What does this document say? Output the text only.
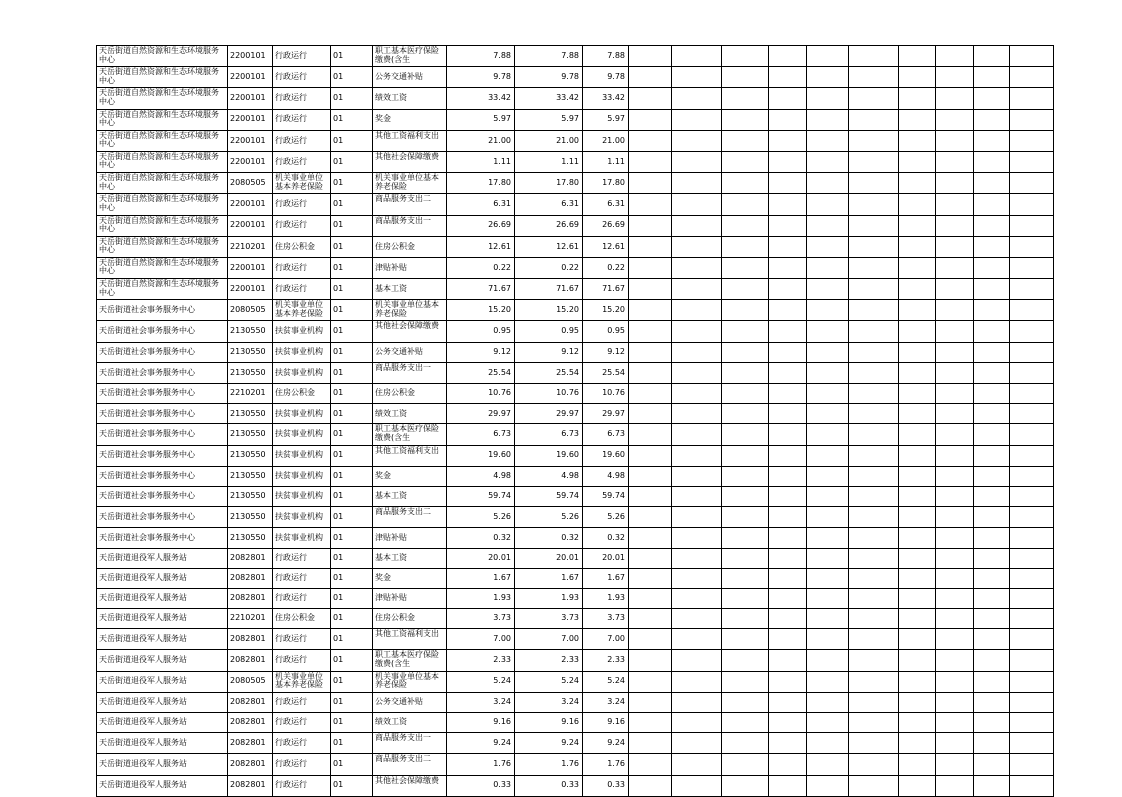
天岳街道自然资源和生态环境服务中心	2200101	行政运行	01	职工基本医疗保险缴费(含生	7.88	7.88	7.88										
天岳街道自然资源和生态环境服务中心	2200101	行政运行	01	公务交通补贴	9.78	9.78	9.78										
天岳街道自然资源和生态环境服务中心	2200101	行政运行	01	绩效工资	33.42	33.42	33.42										
天岳街道自然资源和生态环境服务中心	2200101	行政运行	01	奖金	5.97	5.97	5.97										
天岳街道自然资源和生态环境服务中心	2200101	行政运行	01	其他工资福利支出	21.00	21.00	21.00										
天岳街道自然资源和生态环境服务中心	2200101	行政运行	01	其他社会保障缴费	1.11	1.11	1.11										
天岳街道自然资源和生态环境服务中心	2080505	机关事业单位基本养老保险	01	机关事业单位基本养老保险	17.80	17.80	17.80										
天岳街道自然资源和生态环境服务中心	2200101	行政运行	01	商品服务支出二	6.31	6.31	6.31										
天岳街道自然资源和生态环境服务中心	2200101	行政运行	01	商品服务支出一	26.69	26.69	26.69										
天岳街道自然资源和生态环境服务中心	2210201	住房公积金	01	住房公积金	12.61	12.61	12.61										
天岳街道自然资源和生态环境服务中心	2200101	行政运行	01	津贴补贴	0.22	0.22	0.22										
天岳街道自然资源和生态环境服务中心	2200101	行政运行	01	基本工资	71.67	71.67	71.67										
天岳街道社会事务服务中心	2080505	机关事业单位基本养老保险	01	机关事业单位基本养老保险	15.20	15.20	15.20										
天岳街道社会事务服务中心	2130550	扶贫事业机构	01	其他社会保障缴费	0.95	0.95	0.95										
天岳街道社会事务服务中心	2130550	扶贫事业机构	01	公务交通补贴	9.12	9.12	9.12										
天岳街道社会事务服务中心	2130550	扶贫事业机构	01	商品服务支出一	25.54	25.54	25.54										
天岳街道社会事务服务中心	2210201	住房公积金	01	住房公积金	10.76	10.76	10.76										
天岳街道社会事务服务中心	2130550	扶贫事业机构	01	绩效工资	29.97	29.97	29.97										
天岳街道社会事务服务中心	2130550	扶贫事业机构	01	职工基本医疗保险缴费(含生	6.73	6.73	6.73										
天岳街道社会事务服务中心	2130550	扶贫事业机构	01	其他工资福利支出	19.60	19.60	19.60										
天岳街道社会事务服务中心	2130550	扶贫事业机构	01	奖金	4.98	4.98	4.98										
天岳街道社会事务服务中心	2130550	扶贫事业机构	01	基本工资	59.74	59.74	59.74										
天岳街道社会事务服务中心	2130550	扶贫事业机构	01	商品服务支出二	5.26	5.26	5.26										
天岳街道社会事务服务中心	2130550	扶贫事业机构	01	津贴补贴	0.32	0.32	0.32										
天岳街道退役军人服务站	2082801	行政运行	01	基本工资	20.01	20.01	20.01										
天岳街道退役军人服务站	2082801	行政运行	01	奖金	1.67	1.67	1.67										
天岳街道退役军人服务站	2082801	行政运行	01	津贴补贴	1.93	1.93	1.93										
天岳街道退役军人服务站	2210201	住房公积金	01	住房公积金	3.73	3.73	3.73										
天岳街道退役军人服务站	2082801	行政运行	01	其他工资福利支出	7.00	7.00	7.00										
天岳街道退役军人服务站	2082801	行政运行	01	职工基本医疗保险缴费(含生	2.33	2.33	2.33										
天岳街道退役军人服务站	2080505	机关事业单位基本养老保险	01	机关事业单位基本养老保险	5.24	5.24	5.24										
天岳街道退役军人服务站	2082801	行政运行	01	公务交通补贴	3.24	3.24	3.24										
天岳街道退役军人服务站	2082801	行政运行	01	绩效工资	9.16	9.16	9.16										
天岳街道退役军人服务站	2082801	行政运行	01	商品服务支出一	9.24	9.24	9.24										
天岳街道退役军人服务站	2082801	行政运行	01	商品服务支出二	1.76	1.76	1.76										
天岳街道退役军人服务站	2082801	行政运行	01	其他社会保障缴费	0.33	0.33	0.33										
